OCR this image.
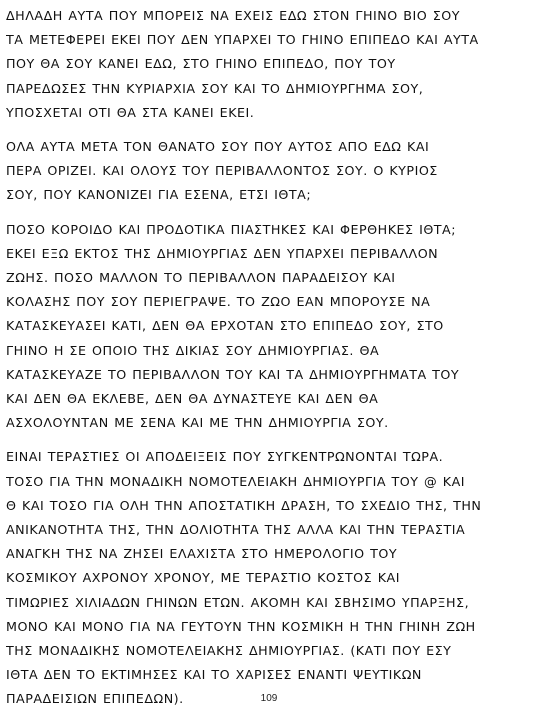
ΔΗΛΑΔΗ ΑΥΤΑ ΠΟΥ ΜΠΟΡΕΙΣ ΝΑ ΕΧΕΙΣ ΕΔΩ ΣΤΟΝ ΓΗΙΝΟ ΒΙΟ ΣΟΥ
ΤΑ ΜΕΤΕΦΕΡΕΙ ΕΚΕΙ ΠΟΥ ΔΕΝ ΥΠΑΡΧΕΙ ΤΟ ΓΗΙΝΟ ΕΠΙΠΕΔΟ ΚΑΙ ΑΥΤΑ
ΠΟΥ ΘΑ ΣΟΥ ΚΑΝΕΙ ΕΔΩ, ΣΤΟ ΓΗΙΝΟ ΕΠΙΠΕΔΟ, ΠΟΥ ΤΟΥ
ΠΑΡΕΔΩΣΕΣ ΤΗΝ ΚΥΡΙΑΡΧΙΑ ΣΟΥ ΚΑΙ ΤΟ ΔΗΜΙΟΥΡΓΗΜΑ ΣΟΥ,
ΥΠΟΣΧΕΤΑΙ ΟΤΙ ΘΑ ΣΤΑ ΚΑΝΕΙ ΕΚΕΙ.

ΟΛΑ ΑΥΤΑ ΜΕΤΑ ΤΟΝ ΘΑΝΑΤΟ ΣΟΥ ΠΟΥ ΑΥΤΟΣ ΑΠΟ ΕΔΩ ΚΑΙ
ΠΕΡΑ ΟΡΙΖΕΙ. ΚΑΙ ΟΛΟΥΣ ΤΟΥ ΠΕΡΙΒΑΛΛΟΝΤΟΣ ΣΟΥ. Ο ΚΥΡΙΟΣ
ΣΟΥ, ΠΟΥ ΚΑΝΟΝΙΖΕΙ ΓΙΑ ΕΣΕΝΑ, ΕΤΣΙ ΙΘΤΑ;

ΠΟΣΟ ΚΟΡΟΙΔΟ ΚΑΙ ΠΡΟΔΟΤΙΚΑ ΠΙΑΣΤΗΚΕΣ ΚΑΙ ΦΕΡΘΗΚΕΣ ΙΘΤΑ;
ΕΚΕΙ ΕΞΩ ΕΚΤΟΣ ΤΗΣ ΔΗΜΙΟΥΡΓΙΑΣ ΔΕΝ ΥΠΑΡΧΕΙ ΠΕΡΙΒΑΛΛΟΝ
ΖΩΗΣ. ΠΟΣΟ ΜΑΛΛΟΝ ΤΟ ΠΕΡΙΒΑΛΛΟΝ ΠΑΡΑΔΕΙΣΟΥ ΚΑΙ
ΚΟΛΑΣΗΣ ΠΟΥ ΣΟΥ ΠΕΡΙΕΓΡΑΨΕ. ΤΟ ΖΩΟ ΕΑΝ ΜΠΟΡΟΥΣΕ ΝΑ
ΚΑΤΑΣΚΕΥΑΣΕΙ ΚΑΤΙ, ΔΕΝ ΘΑ ΕΡΧΟΤΑΝ ΣΤΟ ΕΠΙΠΕΔΟ ΣΟΥ, ΣΤΟ
ΓΗΙΝΟ Η ΣΕ ΟΠΟΙΟ ΤΗΣ ΔΙΚΙΑΣ ΣΟΥ ΔΗΜΙΟΥΡΓΙΑΣ. ΘΑ
ΚΑΤΑΣΚΕΥΑΖΕ ΤΟ ΠΕΡΙΒΑΛΛΟΝ ΤΟΥ ΚΑΙ ΤΑ ΔΗΜΙΟΥΡΓΗΜΑΤΑ ΤΟΥ
ΚΑΙ ΔΕΝ ΘΑ ΕΚΛΕΒΕ, ΔΕΝ ΘΑ ΔΥΝΑΣΤΕΥΕ ΚΑΙ ΔΕΝ ΘΑ
ΑΣΧΟΛΟΥΝΤΑΝ ΜΕ ΣΕΝΑ ΚΑΙ ΜΕ ΤΗΝ ΔΗΜΙΟΥΡΓΙΑ ΣΟΥ.

ΕΙΝΑΙ ΤΕΡΑΣΤΙΕΣ ΟΙ ΑΠΟΔΕΙΞΕΙΣ ΠΟΥ ΣΥΓΚΕΝΤΡΩΝΟΝΤΑΙ ΤΩΡΑ.
ΤΟΣΟ ΓΙΑ ΤΗΝ ΜΟΝΑΔΙΚΗ ΝΟΜΟΤΕΛΕΙΑΚΗ ΔΗΜΙΟΥΡΓΙΑ ΤΟΥ @ ΚΑΙ
Θ ΚΑΙ ΤΟΣΟ ΓΙΑ ΟΛΗ ΤΗΝ ΑΠΟΣΤΑΤΙΚΗ ΔΡΑΣΗ, ΤΟ ΣΧΕΔΙΟ ΤΗΣ, ΤΗΝ
ΑΝΙΚΑΝΟΤΗΤΑ ΤΗΣ, ΤΗΝ ΔΟΛΙΟΤΗΤΑ ΤΗΣ ΑΛΛΑ ΚΑΙ ΤΗΝ ΤΕΡΑΣΤΙΑ
ΑΝΑΓΚΗ ΤΗΣ ΝΑ ΖΗΣΕΙ ΕΛΑΧΙΣΤΑ ΣΤΟ ΗΜΕΡΟΛΟΓΙΟ ΤΟΥ
ΚΟΣΜΙΚΟΥ ΑΧΡΟΝΟΥ ΧΡΟΝΟΥ, ΜΕ ΤΕΡΑΣΤΙΟ ΚΟΣΤΟΣ ΚΑΙ
ΤΙΜΩΡΙΕΣ ΧΙΛΙΑΔΩΝ ΓΗΙΝΩΝ ΕΤΩΝ. ΑΚΟΜΗ ΚΑΙ ΣΒΗΣΙΜΟ ΥΠΑΡΞΗΣ,
ΜΟΝΟ ΚΑΙ ΜΟΝΟ ΓΙΑ ΝΑ ΓΕΥΤΟΥΝ ΤΗΝ ΚΟΣΜΙΚΗ Η ΤΗΝ ΓΗΙΝΗ ΖΩΗ
ΤΗΣ ΜΟΝΑΔΙΚΗΣ ΝΟΜΟΤΕΛΕΙΑΚΗΣ ΔΗΜΙΟΥΡΓΙΑΣ. (ΚΑΤΙ ΠΟΥ ΕΣΥ
ΙΘΤΑ ΔΕΝ ΤΟ ΕΚΤΙΜΗΣΕΣ ΚΑΙ ΤΟ ΧΑΡΙΣΕΣ ΕΝΑΝΤΙ ΨΕΥΤΙΚΩΝ
ΠΑΡΑΔΕΙΣΙΩΝ ΕΠΙΠΕΔΩΝ).	109
